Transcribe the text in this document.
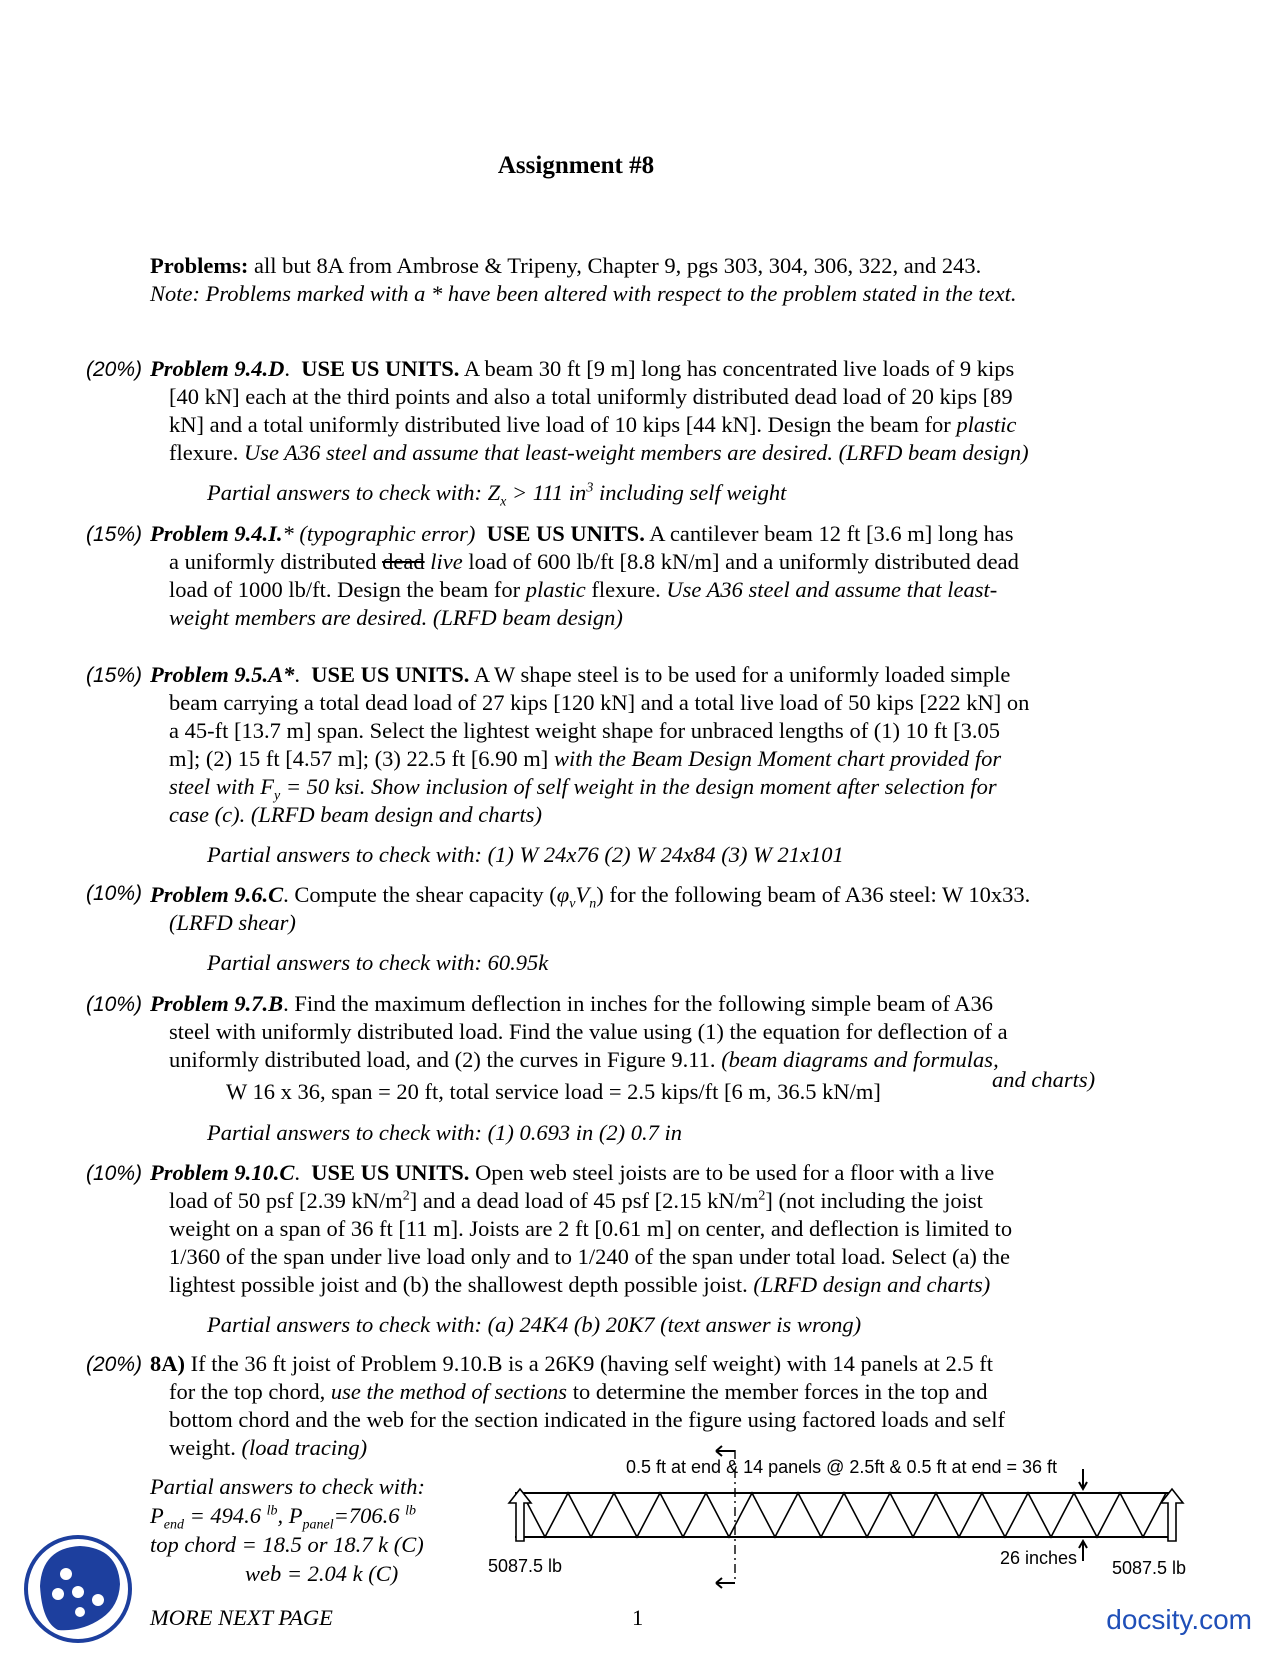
Assignment #8
Problems: all but 8A from Ambrose & Tripeny, Chapter 9, pgs 303, 304, 306, 322, and 243.
Note: Problems marked with a * have been altered with respect to the problem stated in the text.
(20%) Problem 9.4.D.  USE US UNITS. A beam 30 ft [9 m] long has concentrated live loads of 9 kips
[40 kN] each at the third points and also a total uniformly distributed dead load of 20 kips [89
kN] and a total uniformly distributed live load of 10 kips [44 kN]. Design the beam for plastic
flexure. Use A36 steel and assume that least-weight members are desired. (LRFD beam design)
Partial answers to check with: $Z_x > 111$ $in^3$ including self weight
(15%) Problem 9.4.I.* (typographic error) USE US UNITS. A cantilever beam 12 ft [3.6 m] long has
a uniformly distributed dead live load of 600 lb/ft [8.8 kN/m] and a uniformly distributed dead
load of 1000 lb/ft. Design the beam for plastic flexure. Use A36 steel and assume that least-
weight members are desired. (LRFD beam design)
(15%) Problem 9.5.A*.  USE US UNITS. A W shape steel is to be used for a uniformly loaded simple
beam carrying a total dead load of 27 kips [120 kN] and a total live load of 50 kips [222 kN] on
a 45-ft [13.7 m] span. Select the lightest weight shape for unbraced lengths of (1) 10 ft [3.05
m]; (2) 15 ft [4.57 m]; (3) 22.5 ft [6.90 m] with the Beam Design Moment chart provided for
steel with $F_y = 50$ ksi. Show inclusion of self weight in the design moment after selection for
case (c). (LRFD beam design and charts)
Partial answers to check with: (1) W 24x76 (2) W 24x84 (3) W 21x101
(10%) Problem 9.6.C. Compute the shear capacity $(\varphi_vV_n)$ for the following beam of A36 steel: W 10x33.
(LRFD shear)
Partial answers to check with: 60.95k
(10%) Problem 9.7.B. Find the maximum deflection in inches for the following simple beam of A36
steel with uniformly distributed load. Find the value using (1) the equation for deflection of a
uniformly distributed load, and (2) the curves in Figure 9.11. (beam diagrams and formulas,
W 16 x 36, span = 20 ft, total service load = 2.5 kips/ft [6 m, 36.5 kN/m]	and charts)
Partial answers to check with: (1) 0.693 in (2) 0.7 in
(10%) Problem 9.10.C.  USE US UNITS. Open web steel joists are to be used for a floor with a live
load of 50 psf [2.39 $kN/m^2$] and a dead load of 45 psf [2.15 $kN/m^2$] (not including the joist
weight on a span of 36 ft [11 m]. Joists are 2 ft [0.61 m] on center, and deflection is limited to
1/360 of the span under live load only and to 1/240 of the span under total load. Select (a) the
lightest possible joist and (b) the shallowest depth possible joist. (LRFD design and charts)
Partial answers to check with: (a) 24K4 (b) 20K7 (text answer is wrong)
(20%) 8A) If the 36 ft joist of Problem 9.10.B is a 26K9 (having self weight) with 14 panels at 2.5 ft
for the top chord, use the method of sections to determine the member forces in the top and
bottom chord and the web for the section indicated in the figure using factored loads and self
weight. (load tracing)
Partial answers to check with:
$P_{end} = 494.6$ $^{lb}$, $P_{panel}=706.6$ $^{lb}$
top chord = 18.5 or 18.7 k (C)
web = 2.04 k (C)
0.5 ft at end & 14 panels @ 2.5ft & 0.5 ft at end = 36 ft
5087.5 lb	5087.5 lb
26 inches
MORE NEXT PAGE	1	docsity.com
